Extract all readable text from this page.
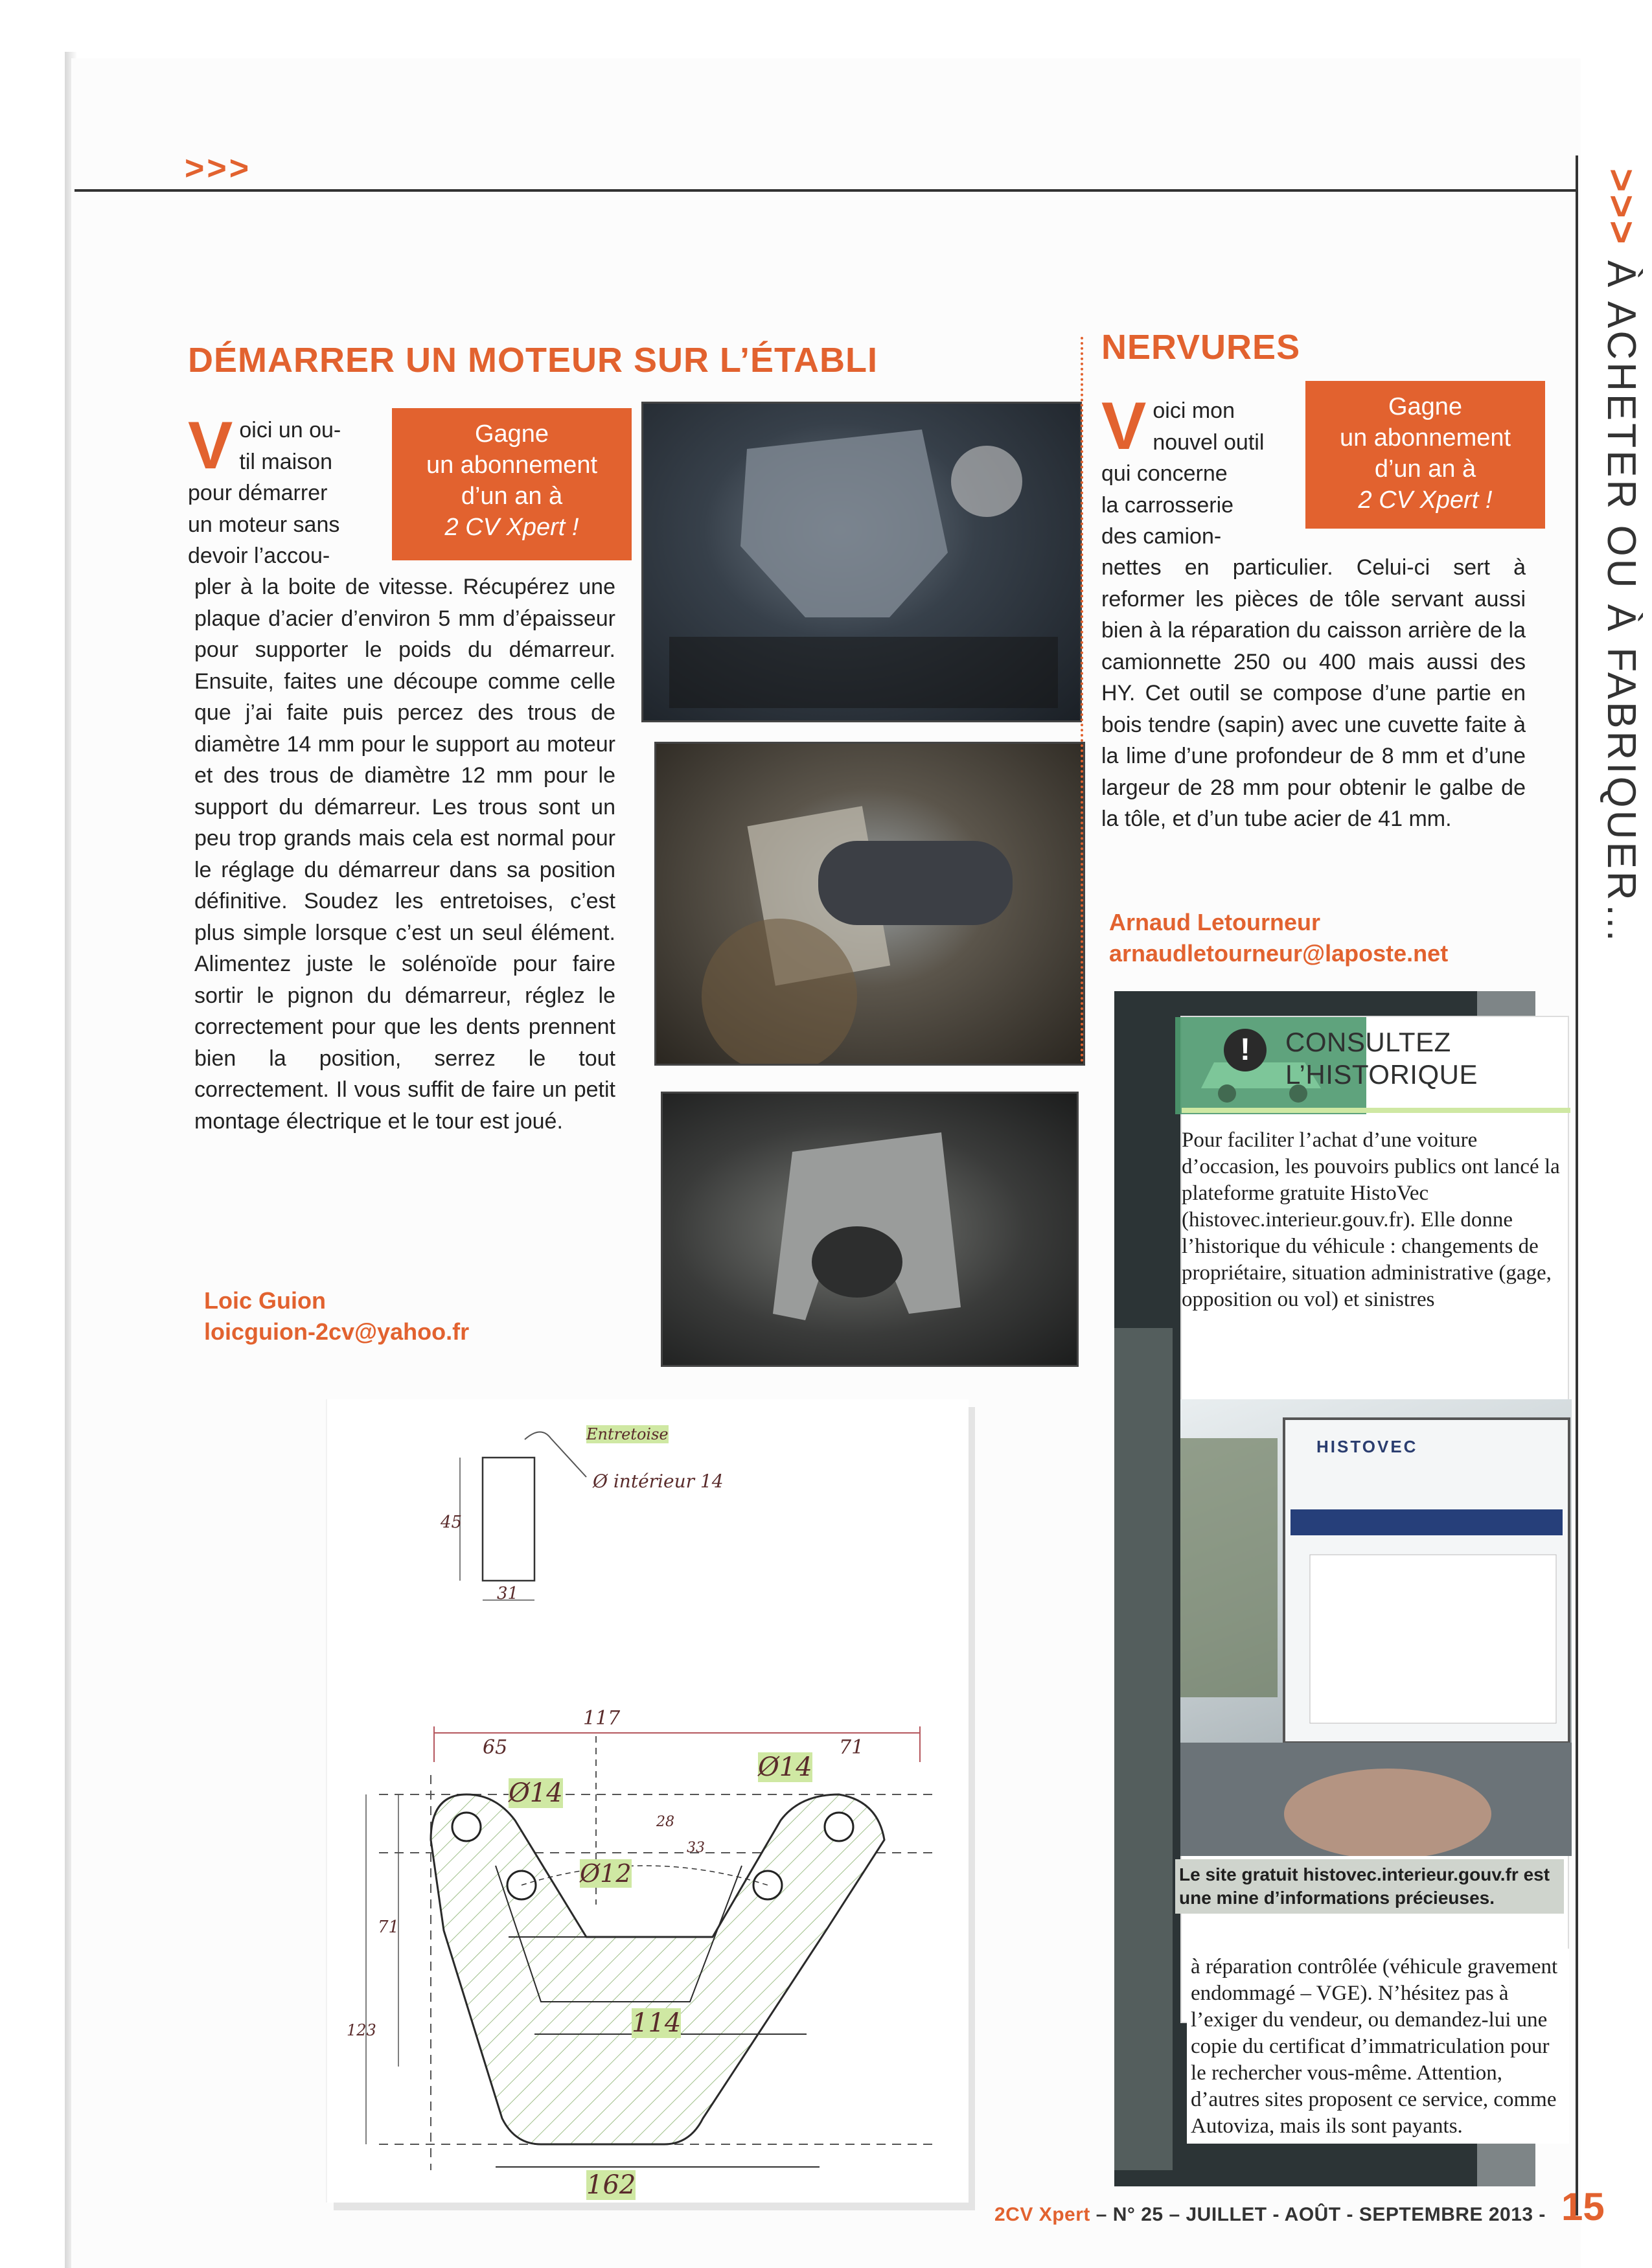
>>>	>>> À ACHETER OU À FABRIQUER…
DÉMARRER UN MOTEUR SUR L’ÉTABLI
Gagne
un abonnement
d’un an à
2 CV Xpert !
V oici un ou-
til maison
pour démarrer
un moteur sans
devoir l’accou-
pler à la boite de vitesse. Récupérez une plaque d’acier d’environ 5 mm d’épaisseur pour supporter le poids du démarreur. Ensuite, faites une découpe comme celle que j’ai faite puis percez des trous de diamètre 14 mm pour le support au moteur et des trous de diamètre 12 mm pour le support du démarreur. Les trous sont un peu trop grands mais cela est normal pour le réglage du démarreur dans sa position définitive. Soudez les entretoises, c’est plus simple lorsque c’est un seul élément. Alimentez juste le solénoïde pour faire sortir le pignon du démarreur, réglez le correctement pour que les dents prennent bien la position, serrez le tout correctement. Il vous suffit de faire un petit montage électrique et le tour est joué.
Loic Guion
loicguion-2cv@yahoo.fr
Entretoise
Ø intérieur 14
45
31
65
117
71
Ø14
Ø14
Ø12
28
33
71
123	114
162
NERVURES
Gagne
un abonnement
d’un an à
2 CV Xpert !
V oici mon
nouvel outil
qui concerne
la carrosserie
des camion-
nettes en particulier. Celui-ci sert à reformer les pièces de tôle servant aussi bien à la réparation du caisson arrière de la camionnette 250 ou 400 mais aussi des HY. Cet outil se compose d’une partie en bois tendre (sapin) avec une cuvette faite à la lime d’une profondeur de 8 mm et d’une largeur de 28 mm pour obtenir le galbe de la tôle, et d’un tube acier de 41 mm.
Arnaud Letourneur
arnaudletourneur@laposte.net
!	CONSULTEZ
L’HISTORIQUE
Pour faciliter l’achat d’une voiture d’occasion, les pouvoirs publics ont lancé la plateforme gratuite HistoVec (histovec.interieur.gouv.fr). Elle donne l’historique du véhicule : changements de propriétaire, situation administrative (gage, opposition ou vol) et sinistres
HISTOVEC
Le site gratuit histovec.interieur.gouv.fr est une mine d’informations précieuses.
à réparation contrôlée (véhicule gravement endommagé – VGE). N’hésitez pas à l’exiger du vendeur, ou demandez-lui une copie du certificat d’immatriculation pour le rechercher vous-même. Attention, d’autres sites proposent ce service, comme Autoviza, mais ils sont payants.
2CV Xpert – N° 25 – JUILLET - AOÛT - SEPTEMBRE 2013 - 15
